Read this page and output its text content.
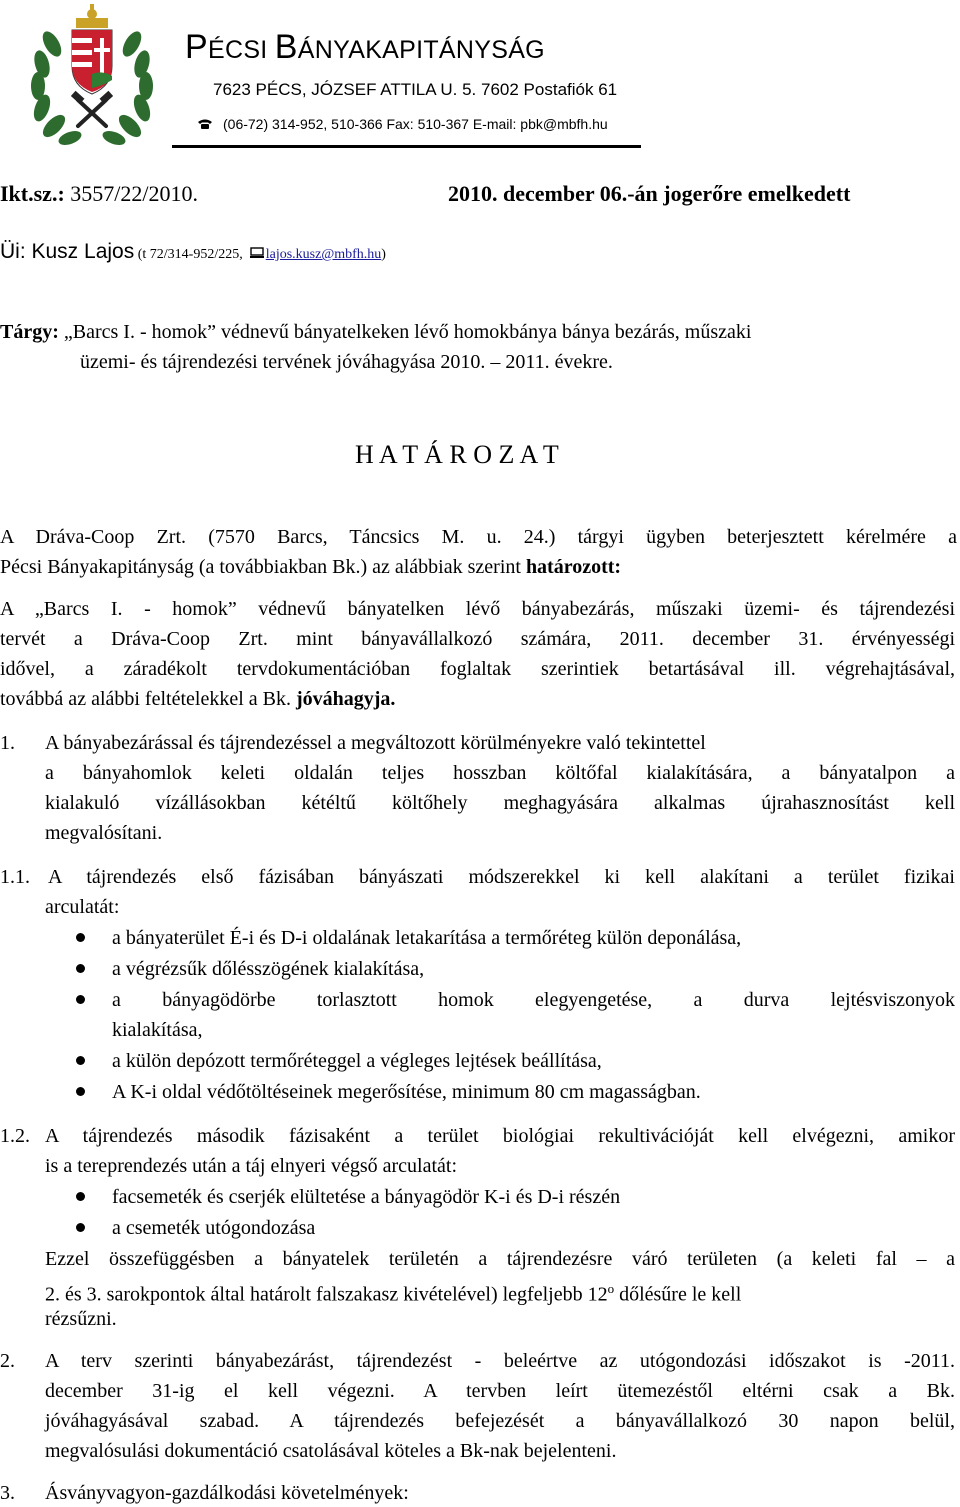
PÉCSI BÁNYAKAPITÁNYSÁG
7623 PÉCS, JÓZSEF ATTILA U. 5. 7602 Postafiók 61
(06-72) 314-952, 510-366 Fax: 510-367 E-mail: pbk@mbfh.hu
Ikt.sz.: 3557/22/2010.	2010. december 06.-án jogerőre emelkedett
Üi: Kusz Lajos (t 72/314-952/225, lajos.kusz@mbfh.hu)
Tárgy: „Barcs I. - homok” védnevű bányatelkeken lévő homokbánya bánya bezárás, műszaki
üzemi- és tájrendezési tervének jóváhagyása 2010. – 2011. évekre.
H A T Á R O Z A T
A Dráva-Coop Zrt. (7570 Barcs, Táncsics M. u. 24.) tárgyi ügyben beterjesztett kérelmére a
Pécsi Bányakapitányság (a továbbiakban Bk.) az alábbiak szerint határozott:
A „Barcs I. - homok” védnevű bányatelken lévő bányabezárás, műszaki üzemi- és tájrendezési
tervét a Dráva-Coop Zrt. mint bányavállalkozó számára, 2011. december 31. érvényességi
idővel, a záradékolt tervdokumentációban foglaltak szerintiek betartásával ill. végrehajtásával,
továbbá az alábbi feltételekkel a Bk. jóváhagyja.
1. A bányabezárással és tájrendezéssel a megváltozott körülményekre való tekintettel
a bányahomlok keleti oldalán teljes hosszban költőfal kialakítására, a bányatalpon a
kialakuló vízállásokban kétéltű költőhely meghagyására alkalmas újrahasznosítást kell
megvalósítani.
1.1. A tájrendezés első fázisában bányászati módszerekkel ki kell alakítani a terület fizikai
arculatát:
a bányaterület É-i és D-i oldalának letakarítása a termőréteg külön deponálása,
a végrézsűk dőlésszögének kialakítása,
a bányagödörbe torlasztott homok elegyengetése, a durva lejtésviszonyok
kialakítása,
a külön depózott termőréteggel a végleges lejtések beállítása,
A K-i oldal védőtöltéseinek megerősítése, minimum 80 cm magasságban.
1.2. A tájrendezés második fázisaként a terület biológiai rekultivációját kell elvégezni, amikor
is a tereprendezés után a táj elnyeri végső arculatát:
facsemeték és cserjék elültetése a bányagödör K-i és D-i részén
a csemeték utógondozása
Ezzel összefüggésben a bányatelek területén a tájrendezésre váró területen (a keleti fal – a
2. és 3. sarokpontok által határolt falszakasz kivételével) legfeljebb 12$^o$ dőlésűre le kell
rézsűzni.
2. A terv szerinti bányabezárást, tájrendezést - beleértve az utógondozási időszakot is -2011.
december 31-ig el kell végezni. A tervben leírt ütemezéstől eltérni csak a Bk.
jóváhagyásával szabad. A tájrendezés befejezését a bányavállalkozó 30 napon belül,
megvalósulási dokumentáció csatolásával köteles a Bk-nak bejelenteni.
3. Ásványvagyon-gazdálkodási követelmények:
